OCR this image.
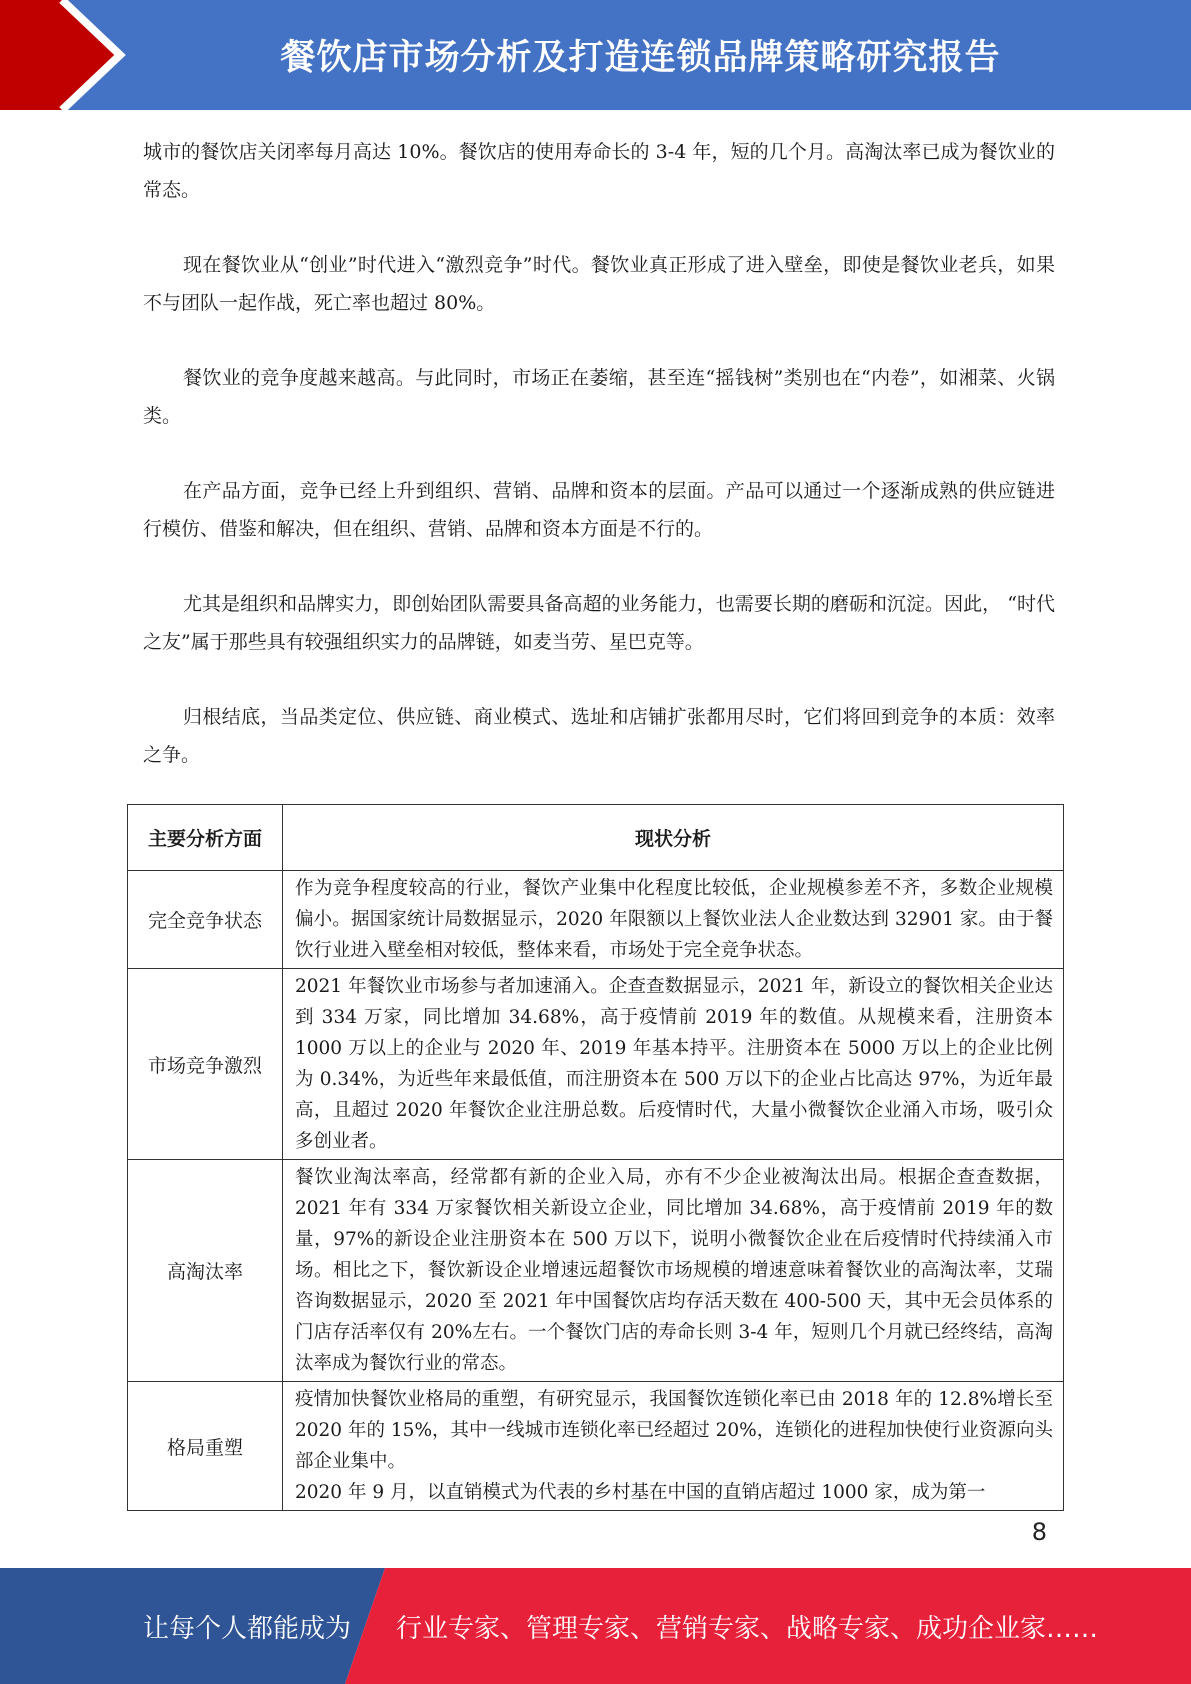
餐饮店市场分析及打造连锁品牌策略研究报告

城市的餐饮店关闭率每月高达 10%。餐饮店的使用寿命长的 3-4 年，短的几个月。高淘汰率已成为餐饮业的常态。

现在餐饮业从“创业”时代进入“激烈竞争”时代。餐饮业真正形成了进入壁垒，即使是餐饮业老兵，如果不与团队一起作战，死亡率也超过 80%。

餐饮业的竞争度越来越高。与此同时，市场正在萎缩，甚至连“摇钱树”类别也在“内卷”，如湘菜、火锅类。

在产品方面，竞争已经上升到组织、营销、品牌和资本的层面。产品可以通过一个逐渐成熟的供应链进行模仿、借鉴和解决，但在组织、营销、品牌和资本方面是不行的。

尤其是组织和品牌实力，即创始团队需要具备高超的业务能力，也需要长期的磨砺和沉淀。因此， “时代之友”属于那些具有较强组织实力的品牌链，如麦当劳、星巴克等。

归根结底，当品类定位、供应链、商业模式、选址和店铺扩张都用尽时，它们将回到竞争的本质：效率之争。

主要分析方面	现状分析
完全竞争状态	作为竞争程度较高的行业，餐饮产业集中化程度比较低，企业规模参差不齐，多数企业规模偏小。据国家统计局数据显示，2020 年限额以上餐饮业法人企业数达到 32901 家。由于餐饮行业进入壁垒相对较低，整体来看，市场处于完全竞争状态。
市场竞争激烈	2021 年餐饮业市场参与者加速涌入。企查查数据显示，2021 年，新设立的餐饮相关企业达到 334 万家，同比增加 34.68%，高于疫情前 2019 年的数值。从规模来看，注册资本 1000 万以上的企业与 2020 年、2019 年基本持平。注册资本在 5000 万以上的企业比例为 0.34%，为近些年来最低值，而注册资本在 500 万以下的企业占比高达 97%，为近年最高，且超过 2020 年餐饮企业注册总数。后疫情时代，大量小微餐饮企业涌入市场，吸引众多创业者。
高淘汰率	餐饮业淘汰率高，经常都有新的企业入局，亦有不少企业被淘汰出局。根据企查查数据，2021 年有 334 万家餐饮相关新设立企业，同比增加 34.68%，高于疫情前 2019 年的数量，97%的新设企业注册资本在 500 万以下，说明小微餐饮企业在后疫情时代持续涌入市场。相比之下，餐饮新设企业增速远超餐饮市场规模的增速意味着餐饮业的高淘汰率，艾瑞咨询数据显示，2020 至 2021 年中国餐饮店均存活天数在 400-500 天，其中无会员体系的门店存活率仅有 20%左右。一个餐饮门店的寿命长则 3-4 年，短则几个月就已经终结，高淘汰率成为餐饮行业的常态。
格局重塑	疫情加快餐饮业格局的重塑，有研究显示，我国餐饮连锁化率已由 2018 年的 12.8%增长至 2020 年的 15%，其中一线城市连锁化率已经超过 20%，连锁化的进程加快使行业资源向头部企业集中。
2020 年 9 月，以直销模式为代表的乡村基在中国的直销店超过 1000 家，成为第一
8
让每个人都能成为 行业专家、管理专家、营销专家、战略专家、成功企业家……
